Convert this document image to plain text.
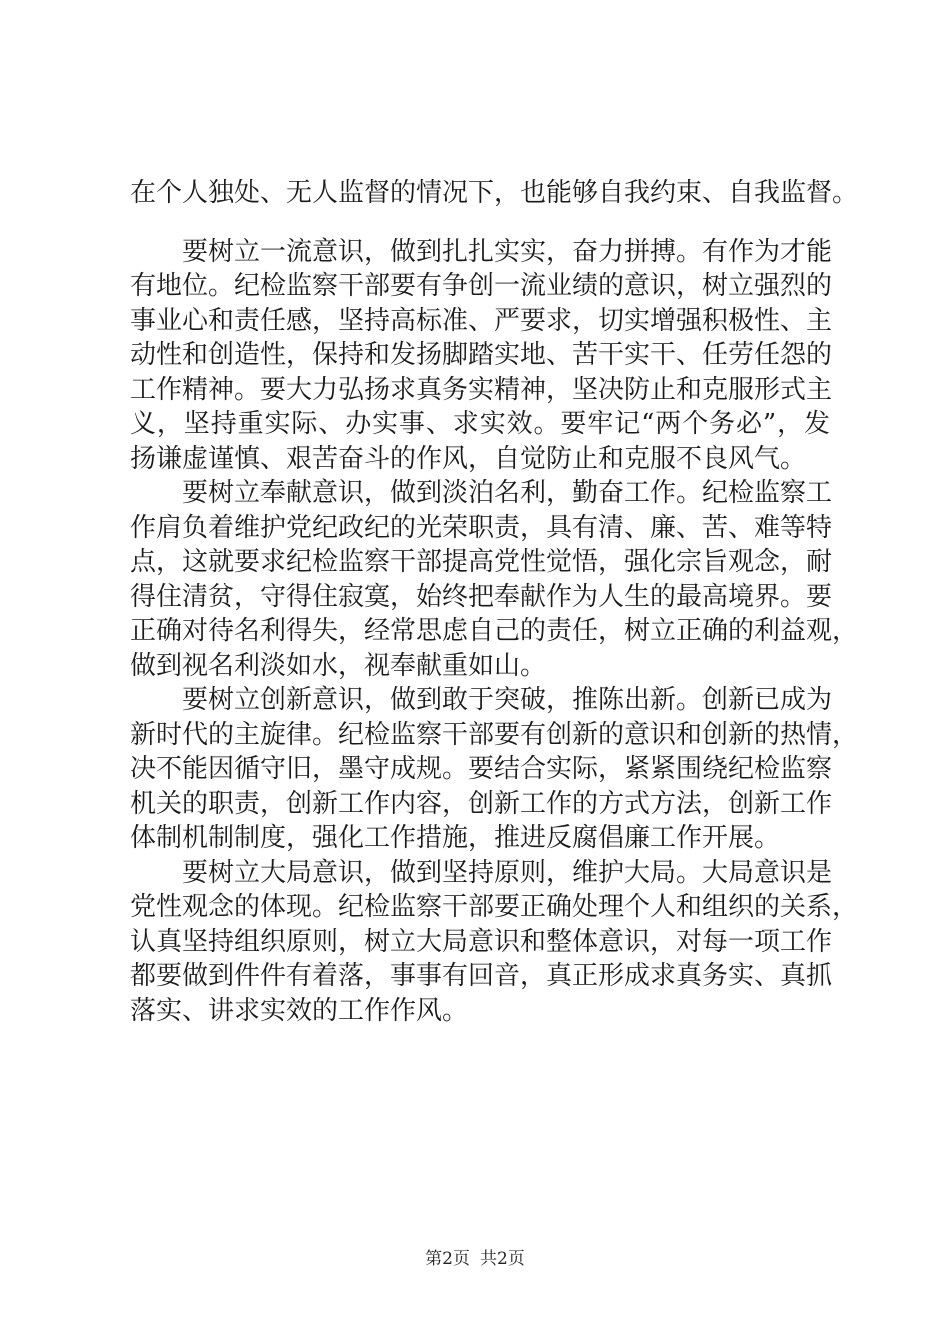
在个人独处、无人监督的情况下，也能够自我约束、自我监督。
要树立一流意识，做到扎扎实实，奋力拼搏。有作为才能
有地位。纪检监察干部要有争创一流业绩的意识，树立强烈的
事业心和责任感，坚持高标准、严要求，切实增强积极性、主
动性和创造性，保持和发扬脚踏实地、苦干实干、任劳任怨的
工作精神。要大力弘扬求真务实精神，坚决防止和克服形式主
义，坚持重实际、办实事、求实效。要牢记“两个务必”，发
扬谦虚谨慎、艰苦奋斗的作风，自觉防止和克服不良风气。
要树立奉献意识，做到淡泊名利，勤奋工作。纪检监察工
作肩负着维护党纪政纪的光荣职责，具有清、廉、苦、难等特
点，这就要求纪检监察干部提高党性觉悟，强化宗旨观念，耐
得住清贫，守得住寂寞，始终把奉献作为人生的最高境界。要
正确对待名利得失，经常思虑自己的责任，树立正确的利益观，
做到视名利淡如水，视奉献重如山。
要树立创新意识，做到敢于突破，推陈出新。创新已成为
新时代的主旋律。纪检监察干部要有创新的意识和创新的热情，
决不能因循守旧，墨守成规。要结合实际，紧紧围绕纪检监察
机关的职责，创新工作内容，创新工作的方式方法，创新工作
体制机制制度，强化工作措施，推进反腐倡廉工作开展。
要树立大局意识，做到坚持原则，维护大局。大局意识是
党性观念的体现。纪检监察干部要正确处理个人和组织的关系，
认真坚持组织原则，树立大局意识和整体意识，对每一项工作
都要做到件件有着落，事事有回音，真正形成求真务实、真抓
落实、讲求实效的工作作风。
第2页 共2页
